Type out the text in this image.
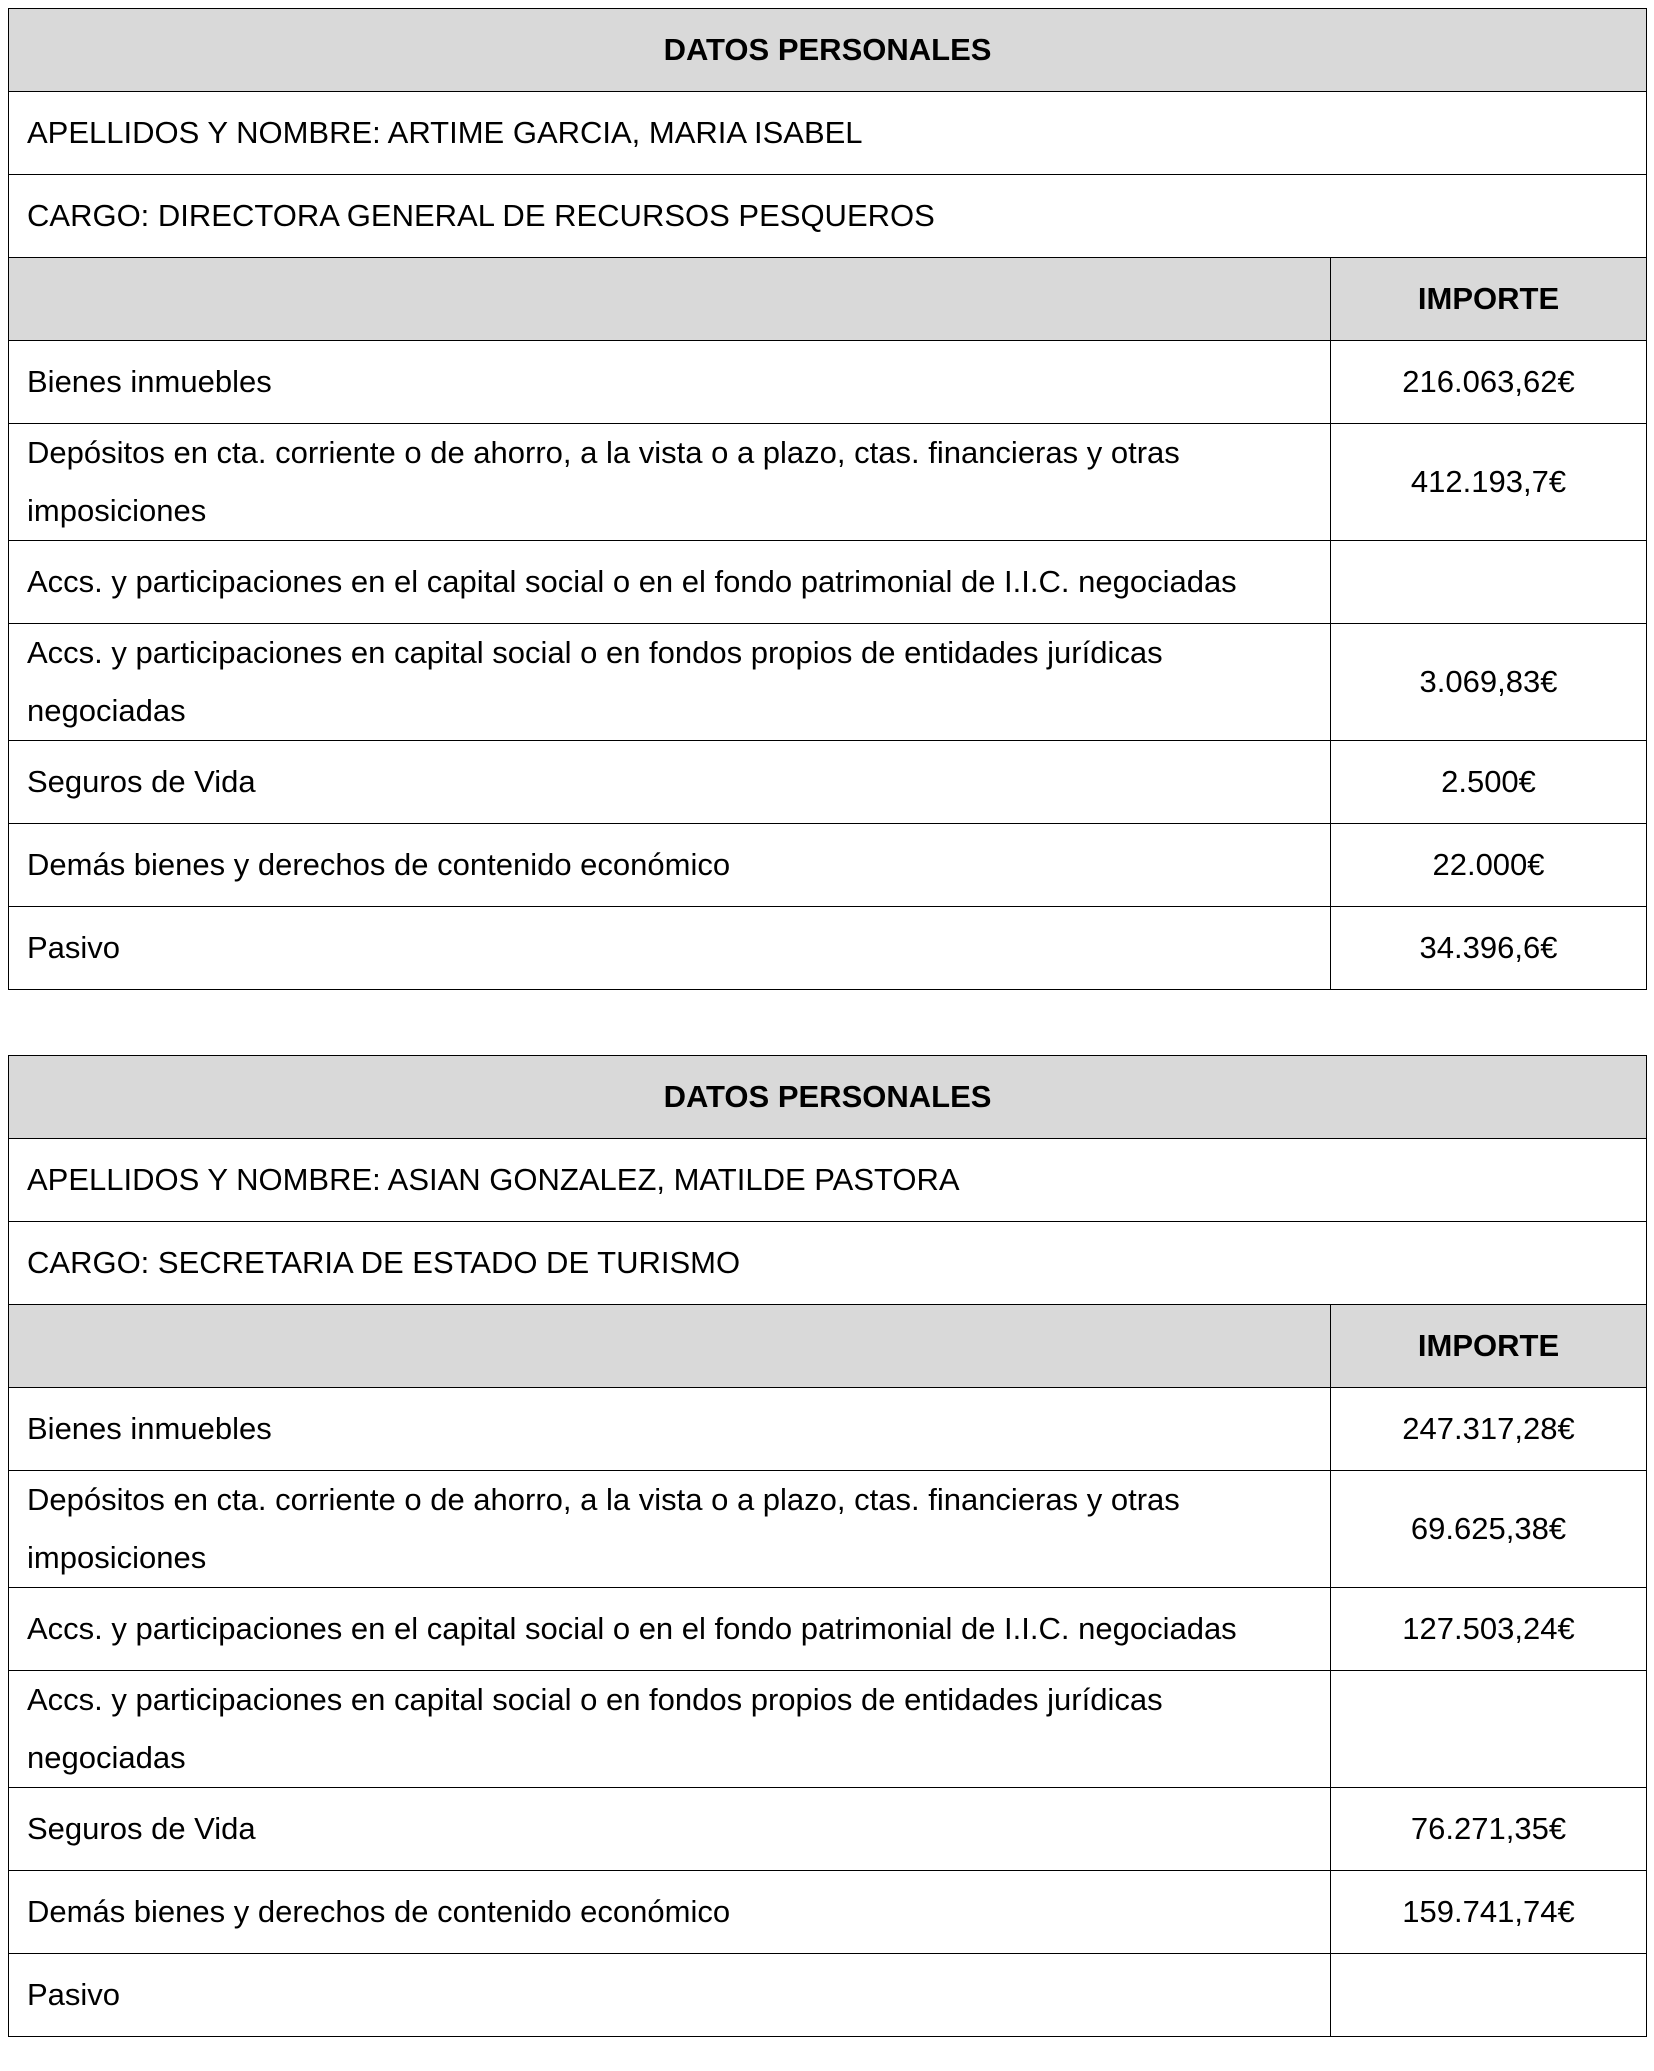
DATOS PERSONALES	
APELLIDOS Y NOMBRE: ARTIME GARCIA, MARIA ISABEL	
CARGO: DIRECTORA GENERAL DE RECURSOS PESQUEROS	
	IMPORTE
Bienes inmuebles	216.063,62€
Depósitos en cta. corriente o de ahorro, a la vista o a plazo, ctas. financieras y otras imposiciones	412.193,7€
Accs. y participaciones en el capital social o en el fondo patrimonial de I.I.C. negociadas	
Accs. y participaciones en capital social o en fondos propios de entidades jurídicas negociadas	3.069,83€
Seguros de Vida	2.500€
Demás bienes y derechos de contenido económico	22.000€
Pasivo	34.396,6€
DATOS PERSONALES	
APELLIDOS Y NOMBRE: ASIAN GONZALEZ, MATILDE PASTORA	
CARGO: SECRETARIA DE ESTADO DE TURISMO	
	IMPORTE
Bienes inmuebles	247.317,28€
Depósitos en cta. corriente o de ahorro, a la vista o a plazo, ctas. financieras y otras imposiciones	69.625,38€
Accs. y participaciones en el capital social o en el fondo patrimonial de I.I.C. negociadas	127.503,24€
Accs. y participaciones en capital social o en fondos propios de entidades jurídicas negociadas	
Seguros de Vida	76.271,35€
Demás bienes y derechos de contenido económico	159.741,74€
Pasivo	
